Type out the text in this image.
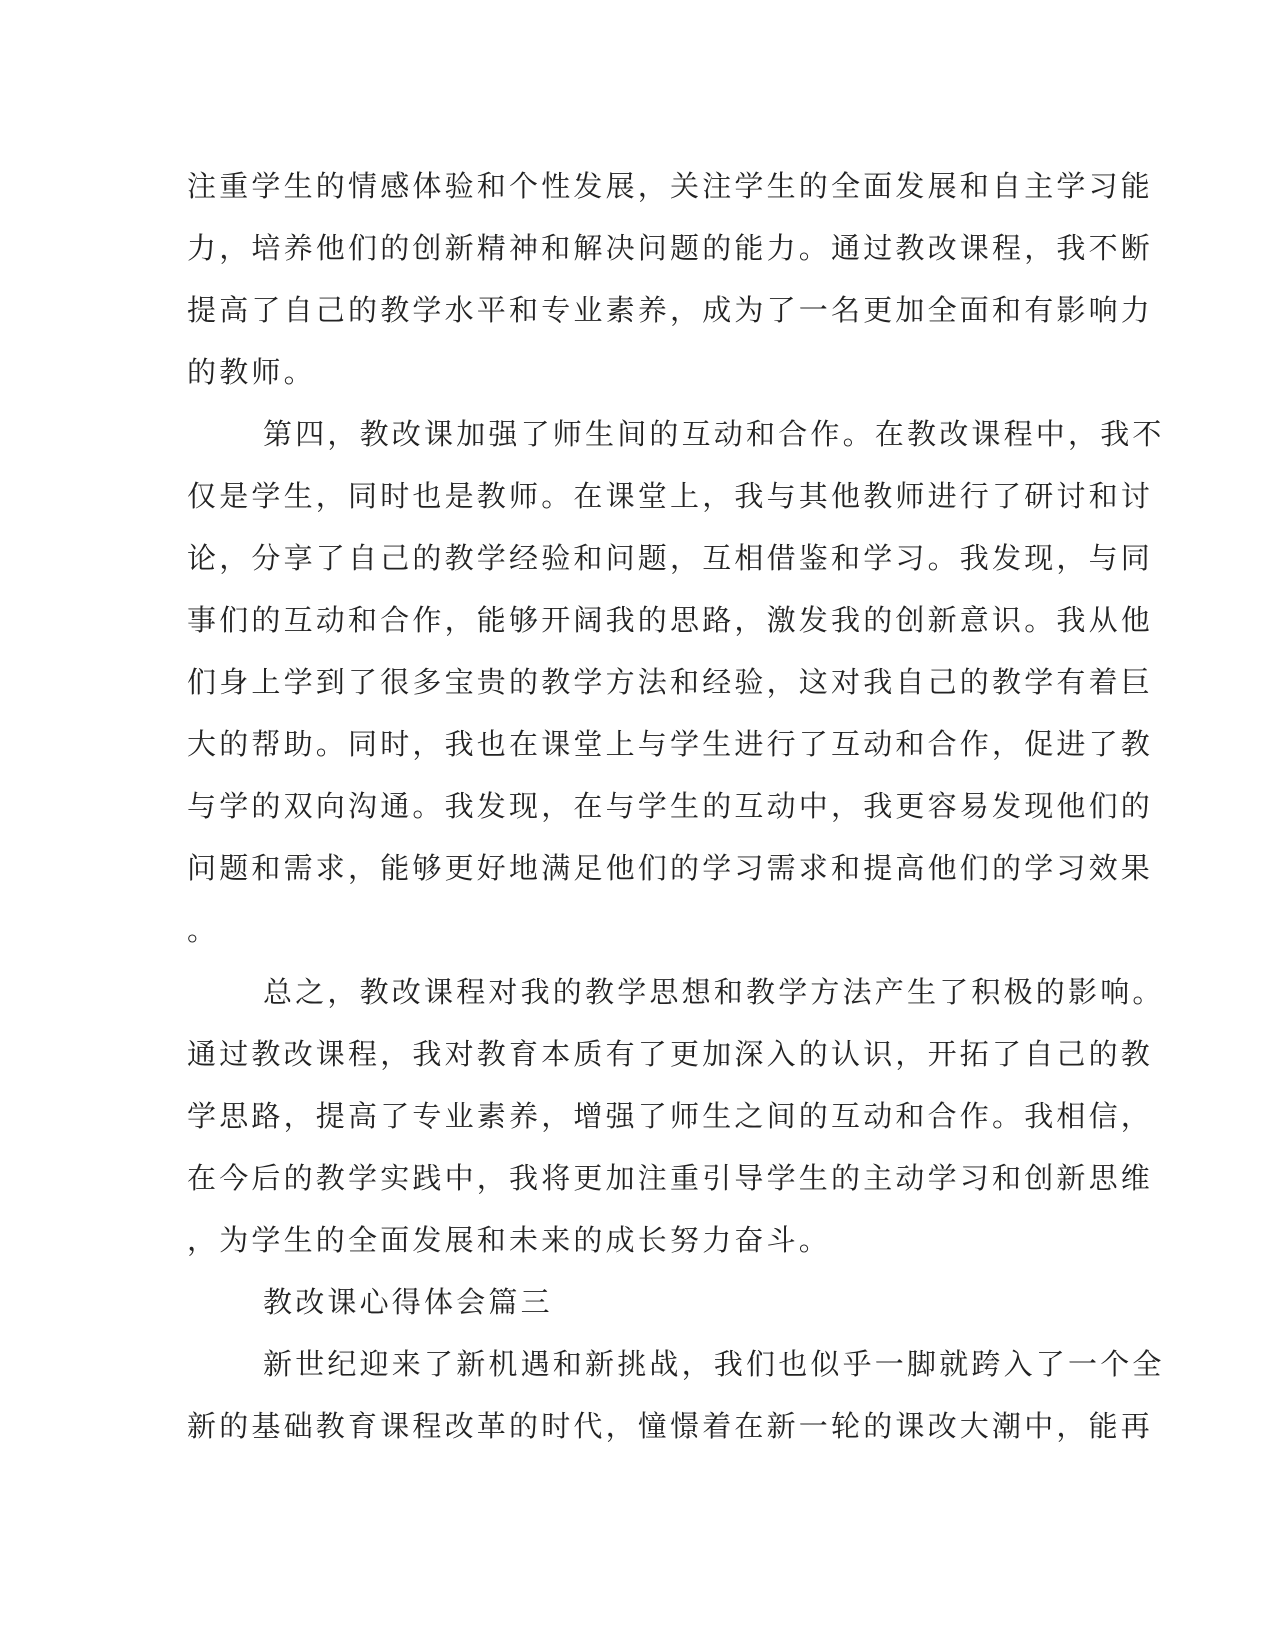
注重学生的情感体验和个性发展，关注学生的全面发展和自主学习能
力，培养他们的创新精神和解决问题的能力。通过教改课程，我不断
提高了自己的教学水平和专业素养，成为了一名更加全面和有影响力
的教师。
第四，教改课加强了师生间的互动和合作。在教改课程中，我不
仅是学生，同时也是教师。在课堂上，我与其他教师进行了研讨和讨
论，分享了自己的教学经验和问题，互相借鉴和学习。我发现，与同
事们的互动和合作，能够开阔我的思路，激发我的创新意识。我从他
们身上学到了很多宝贵的教学方法和经验，这对我自己的教学有着巨
大的帮助。同时，我也在课堂上与学生进行了互动和合作，促进了教
与学的双向沟通。我发现，在与学生的互动中，我更容易发现他们的
问题和需求，能够更好地满足他们的学习需求和提高他们的学习效果
。
总之，教改课程对我的教学思想和教学方法产生了积极的影响。
通过教改课程，我对教育本质有了更加深入的认识，开拓了自己的教
学思路，提高了专业素养，增强了师生之间的互动和合作。我相信，
在今后的教学实践中，我将更加注重引导学生的主动学习和创新思维
，为学生的全面发展和未来的成长努力奋斗。
教改课心得体会篇三
新世纪迎来了新机遇和新挑战，我们也似乎一脚就跨入了一个全
新的基础教育课程改革的时代，憧憬着在新一轮的课改大潮中，能再
